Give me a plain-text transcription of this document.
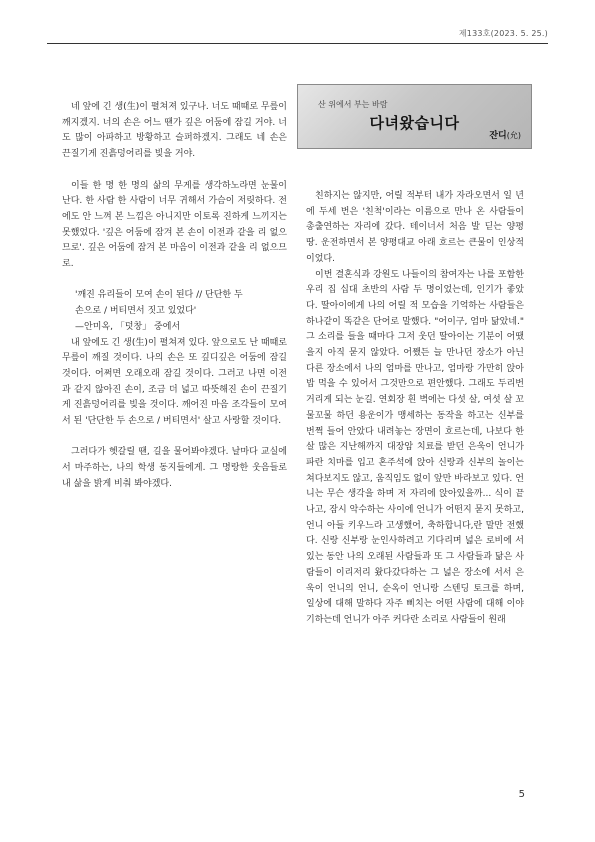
제133호(2023. 5. 25.)

네 앞에 긴 생(生)이 펼쳐져 있구나. 너도 때때로 무릎이 깨지겠지. 너의 손은 어느 땐가 깊은 어둠에 잠길 거야. 너도 많이 아파하고 방황하고 슬퍼하겠지. 그래도 네 손은 끈질기게 진흙덩어리를 빚을 거야.

이들 한 명 한 명의 삶의 무게를 생각하노라면 눈물이 난다. 한 사람 한 사람이 너무 귀해서 가슴이 저릿하다. 전에도 안 느껴 본 느낌은 아니지만 이토록 진하게 느끼지는 못했었다. '깊은 어둠에 잠겨 본 손이 이전과 같을 리 없으므로'. 깊은 어둠에 잠겨 본 마음이 이전과 같을 리 없으므로.

'깨진 유리들이 모여 손이 된다 // 단단한 두

손으로 / 버티면서 짓고 있었다'

—안미옥, 「덧창」 중에서

내 앞에도 긴 생(生)이 펼쳐져 있다. 앞으로도 난 때때로 무릎이 깨질 것이다. 나의 손은 또 깊디깊은 어둠에 잠길 것이다. 어쩌면 오래오래 잠길 것이다. 그러고 나면 이전과 같지 않아진 손이, 조금 더 넓고 따뜻해진 손이 끈질기게 진흙덩어리를 빚을 것이다. 깨어진 마음 조각들이 모여서 된 '단단한 두 손으로 / 버티면서' 살고 사랑할 것이다.

그러다가 헷갈릴 땐, 길을 물어봐야겠다. 날마다 교실에서 마주하는, 나의 학생 동지들에게. 그 명랑한 웃음들로 내 삶을 밝게 비춰 봐야겠다.

산 위에서 부는 바람
다녀왔습니다
잔디(允)

친하지는 않지만, 어릴 적부터 내가 자라오면서 일 년에 두세 번은 '친척'이라는 이름으로 만나 온 사람들이 총출연하는 자리에 갔다. 테이너서 처음 발 딛는 양평 땅. 운전하면서 본 양평대교 아래 흐르는 큰물이 인상적이었다.

이번 결혼식과 강원도 나들이의 참여자는 나를 포함한 우리 집 십대 초반의 사람 두 명이었는데, 인기가 좋았다. 딸아이에게 나의 어릴 적 모습을 기억하는 사람들은 하나같이 똑같은 단어로 말했다. "어이구, 엄마 닮았네." 그 소리를 들을 때마다 그저 웃던 딸아이는 기분이 어땠을지 아직 묻지 않았다. 어쨌든 늘 만나던 장소가 아닌 다른 장소에서 나의 엄마를 만나고, 엄마랑 가만히 앉아 밥 먹을 수 있어서 그것만으로 편안했다. 그래도 두리번거리게 되는 눈길. 연회장 흰 벽에는 다섯 살, 여섯 살 꼬물꼬물 하던 용운이가 맹세하는 동작을 하고는 신부를 번쩍 들어 안았다 내려놓는 장면이 흐르는데, 나보다 한 살 많은 지난해까지 대장암 치료를 받던 은욱이 언니가 파란 치마를 입고 혼주석에 앉아 신랑과 신부의 놀이는 쳐다보지도 않고, 움직임도 없이 앞만 바라보고 있다. 언니는 무슨 생각을 하며 저 자리에 앉아있을까... 식이 끝나고, 잠시 악수하는 사이에 언니가 어떤지 묻지 못하고, 언니 아들 키우느라 고생했어, 축하합니다,란 말만 전했다. 신랑 신부랑 눈인사하려고 기다리며 넓은 로비에 서 있는 동안 나의 오래된 사람들과 또 그 사람들과 닮은 사람들이 이리저리 왔다갔다하는 그 넓은 장소에 서서 은욱이 언니의 언니, 순옥이 언니랑 스텐딩 토크를 하며, 일상에 대해 말하다 자주 삐치는 어떤 사람에 대해 이야기하는데 언니가 아주 커다란 소리로 사람들이 원래

5
